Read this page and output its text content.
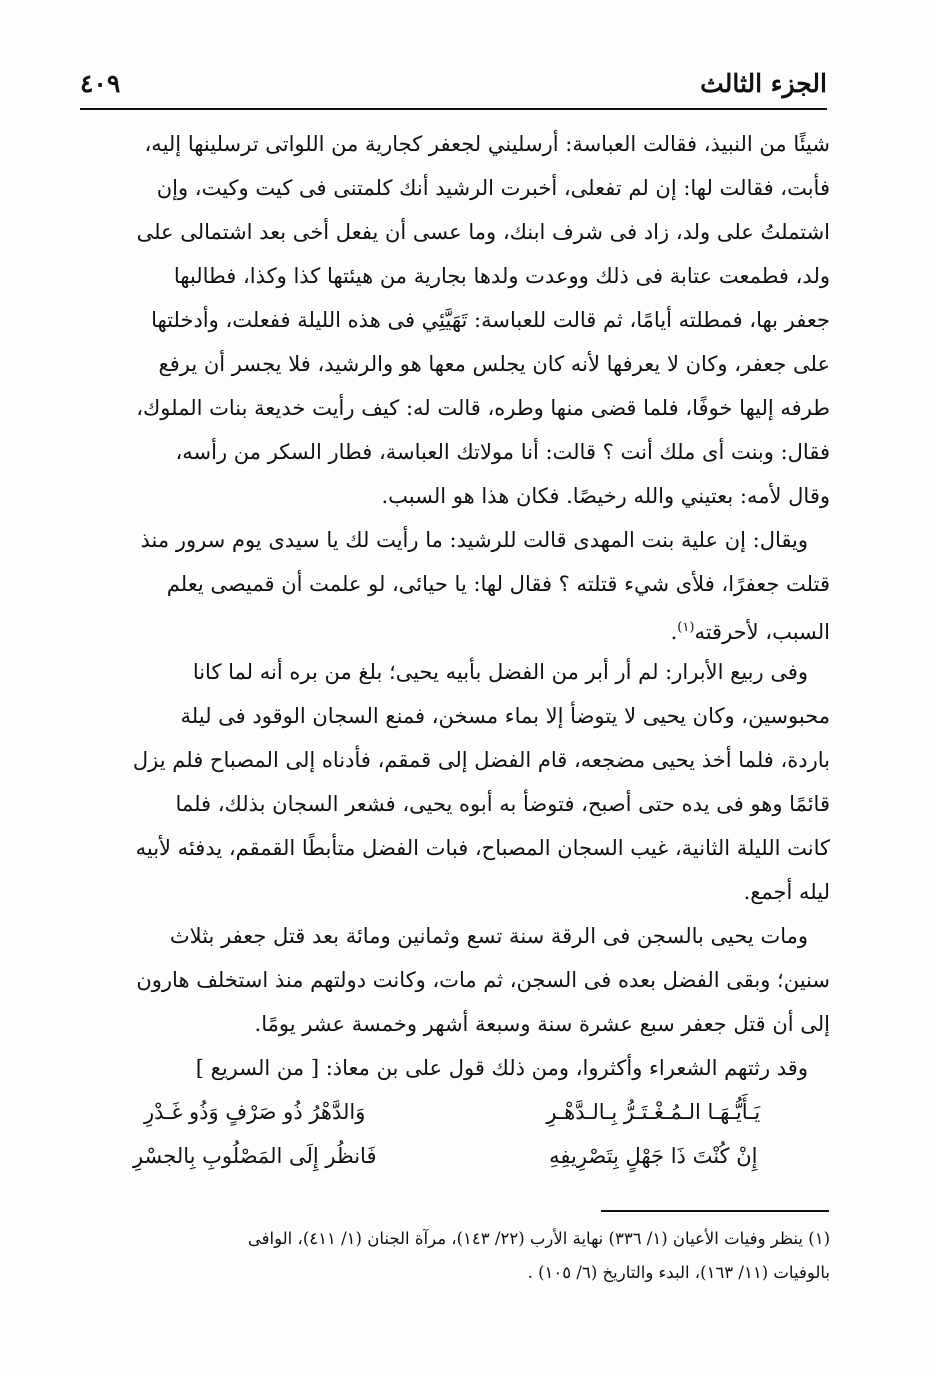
الجزء الثالث
٤٠٩
شيئًا من النبيذ، فقالت العباسة: أرسليني لجعفر كجارية من اللواتى ترسلينها إليه،
فأبت، فقالت لها: إن لم تفعلى، أخبرت الرشيد أنك كلمتنى فى كيت وكيت، وإن
اشتملتُ على ولد، زاد فى شرف ابنك، وما عسى أن يفعل أخى بعد اشتمالى على
ولد، فطمعت عتابة فى ذلك ووعدت ولدها بجارية من هيئتها كذا وكذا، فطالبها
جعفر بها، فمطلته أيامًا، ثم قالت للعباسة: تَهَيَّئِي فى هذه الليلة ففعلت، وأدخلتها
على جعفر، وكان لا يعرفها لأنه كان يجلس معها هو والرشيد، فلا يجسر أن يرفع
طرفه إليها خوفًا، فلما قضى منها وطره، قالت له: كيف رأيت خديعة بنات الملوك،
فقال: وبنت أى ملك أنت ؟ قالت: أنا مولاتك العباسة، فطار السكر من رأسه،
وقال لأمه: بعتيني والله رخيصًا. فكان هذا هو السبب.
ويقال: إن علية بنت المهدى قالت للرشيد: ما رأيت لك يا سيدى يوم سرور منذ
قتلت جعفرًا، فلأى شيء قتلته ؟ فقال لها: يا حيائى، لو علمت أن قميصى يعلم
السبب، لأحرقته$^{(١)}$.
وفى ربيع الأبرار: لم أر أبر من الفضل بأبيه يحيى؛ بلغ من بره أنه لما كانا
محبوسين، وكان يحيى لا يتوضأ إلا بماء مسخن، فمنع السجان الوقود فى ليلة
باردة، فلما أخذ يحيى مضجعه، قام الفضل إلى قمقم، فأدناه إلى المصباح فلم يزل
قائمًا وهو فى يده حتى أصبح، فتوضأ به أبوه يحيى، فشعر السجان بذلك، فلما
كانت الليلة الثانية، غيب السجان المصباح، فبات الفضل متأبطًا القمقم، يدفئه لأبيه
ليله أجمع.
ومات يحيى بالسجن فى الرقة سنة تسع وثمانين ومائة بعد قتل جعفر بثلاث
سنين؛ وبقى الفضل بعده فى السجن، ثم مات، وكانت دولتهم منذ استخلف هارون
إلى أن قتل جعفر سبع عشرة سنة وسبعة أشهر وخمسة عشر يومًا.
وقد رثتهم الشعراء وأكثروا، ومن ذلك قول على بن معاذ: [ من السريع ]
يَـأَيُّـهَـا الـمُـغْـتَـرُّ بِـالـدَّهْـرِ
وَالدَّهْرُ ذُو صَرْفٍ وَذُو غَـدْرِ
إِنْ كُنْتَ ذَا جَهْلٍ بِتَصْرِيفِهِ
فَانظُر إِلَى المَصْلُوبِ بِالجسْرِ
(١) ينظر وفيات الأعيان (١/ ٣٣٦) نهاية الأرب (٢٢/ ١٤٣)، مرآة الجنان (١/ ٤١١)، الوافى
بالوفيات (١١/ ١٦٣)، البدء والتاريخ (٦/ ١٠٥) .
